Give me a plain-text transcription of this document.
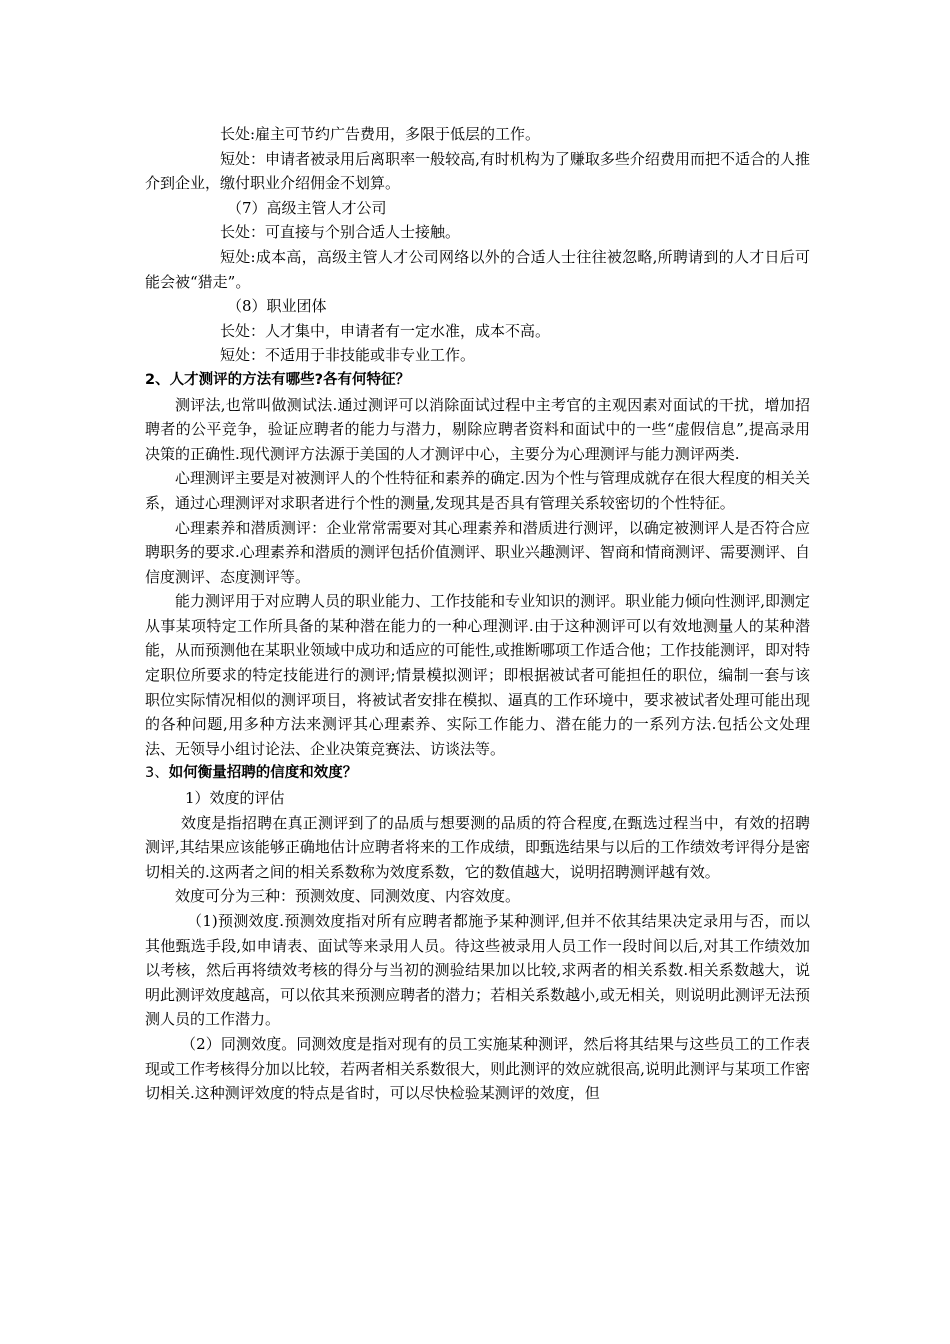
长处:雇主可节约广告费用，多限于低层的工作。

短处：申请者被录用后离职率一般较高,有时机构为了赚取多些介绍费用而把不适合的人推介到企业，缴付职业介绍佣金不划算。

（7）高级主管人才公司

长处：可直接与个别合适人士接触。

短处:成本高，高级主管人才公司网络以外的合适人士往往被忽略,所聘请到的人才日后可能会被“猎走”。

（8）职业团体

长处：人才集中，申请者有一定水准，成本不高。

短处：不适用于非技能或非专业工作。

2、人才测评的方法有哪些?各有何特征？

测评法,也常叫做测试法.通过测评可以消除面试过程中主考官的主观因素对面试的干扰，增加招聘者的公平竞争，验证应聘者的能力与潜力，剔除应聘者资料和面试中的一些“虚假信息”,提高录用决策的正确性.现代测评方法源于美国的人才测评中心，主要分为心理测评与能力测评两类.

心理测评主要是对被测评人的个性特征和素养的确定.因为个性与管理成就存在很大程度的相关关系，通过心理测评对求职者进行个性的测量,发现其是否具有管理关系较密切的个性特征。

心理素养和潜质测评：企业常常需要对其心理素养和潜质进行测评，以确定被测评人是否符合应聘职务的要求.心理素养和潜质的测评包括价值测评、职业兴趣测评、智商和情商测评、需要测评、自信度测评、态度测评等。

能力测评用于对应聘人员的职业能力、工作技能和专业知识的测评。职业能力倾向性测评,即测定从事某项特定工作所具备的某种潜在能力的一种心理测评.由于这种测评可以有效地测量人的某种潜能，从而预测他在某职业领域中成功和适应的可能性,或推断哪项工作适合他；工作技能测评，即对特定职位所要求的特定技能进行的测评;情景模拟测评；即根据被试者可能担任的职位，编制一套与该职位实际情况相似的测评项目，将被试者安排在模拟、逼真的工作环境中，要求被试者处理可能出现的各种问题,用多种方法来测评其心理素养、实际工作能力、潜在能力的一系列方法.包括公文处理法、无领导小组讨论法、企业决策竞赛法、访谈法等。

3、如何衡量招聘的信度和效度？

1）效度的评估

效度是指招聘在真正测评到了的品质与想要测的品质的符合程度,在甄选过程当中，有效的招聘测评,其结果应该能够正确地估计应聘者将来的工作成绩，即甄选结果与以后的工作绩效考评得分是密切相关的.这两者之间的相关系数称为效度系数，它的数值越大，说明招聘测评越有效。

效度可分为三种：预测效度、同测效度、内容效度。

（1)预测效度.预测效度指对所有应聘者都施予某种测评,但并不依其结果决定录用与否，而以其他甄选手段,如申请表、面试等来录用人员。待这些被录用人员工作一段时间以后,对其工作绩效加以考核，然后再将绩效考核的得分与当初的测验结果加以比较,求两者的相关系数.相关系数越大，说明此测评效度越高，可以依其来预测应聘者的潜力；若相关系数越小,或无相关，则说明此测评无法预测人员的工作潜力。

（2）同测效度。同测效度是指对现有的员工实施某种测评，然后将其结果与这些员工的工作表现或工作考核得分加以比较，若两者相关系数很大，则此测评的效应就很高,说明此测评与某项工作密切相关.这种测评效度的特点是省时，可以尽快检验某测评的效度，但
